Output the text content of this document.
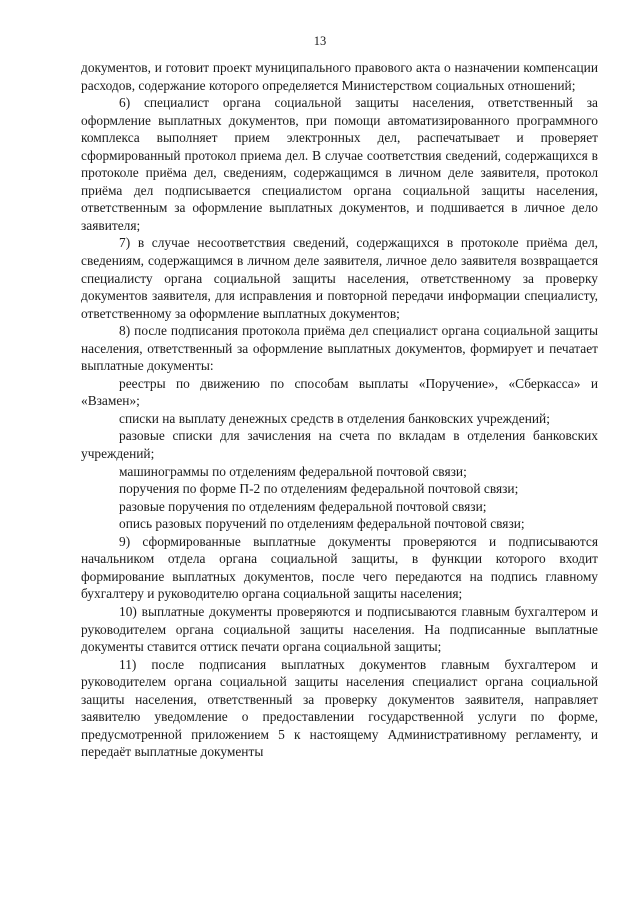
13

документов, и готовит проект муниципального правового акта о назначении компенсации расходов, содержание которого определяется Министерством социальных отношений;

6) специалист органа социальной защиты населения, ответственный за оформление выплатных документов, при помощи автоматизированного программного комплекса выполняет прием электронных дел, распечатывает и проверяет сформированный протокол приема дел. В случае соответствия сведений, содержащихся в протоколе приёма дел, сведениям, содержащимся в личном деле заявителя, протокол приёма дел подписывается специалистом органа социальной защиты населения, ответственным за оформление выплатных документов, и подшивается в личное дело заявителя;

7) в случае несоответствия сведений, содержащихся в протоколе приёма дел, сведениям, содержащимся в личном деле заявителя, личное дело заявителя возвращается специалисту органа социальной защиты населения, ответственному за проверку документов заявителя, для исправления и повторной передачи информации специалисту, ответственному за оформление выплатных документов;

8) после подписания протокола приёма дел специалист органа социальной защиты населения, ответственный за оформление выплатных документов, формирует и печатает выплатные документы:

реестры по движению по способам выплаты «Поручение», «Сберкасса» и «Взамен»;

списки на выплату денежных средств в отделения банковских учреждений;

разовые списки для зачисления на счета по вкладам в отделения банковских учреждений;

машинограммы по отделениям федеральной почтовой связи;

поручения по форме П-2 по отделениям федеральной почтовой связи;

разовые поручения по отделениям федеральной почтовой связи;

опись разовых поручений по отделениям федеральной почтовой связи;

9) сформированные выплатные документы проверяются и подписываются начальником отдела органа социальной защиты, в функции которого входит формирование выплатных документов, после чего передаются на подпись главному бухгалтеру и руководителю органа социальной защиты населения;

10) выплатные документы проверяются и подписываются главным бухгалтером и руководителем органа социальной защиты населения. На подписанные выплатные документы ставится оттиск печати органа социальной защиты;

11) после подписания выплатных документов главным бухгалтером и руководителем органа социальной защиты населения специалист органа социальной защиты населения, ответственный за проверку документов заявителя, направляет заявителю уведомление о предоставлении государственной услуги по форме, предусмотренной приложением 5 к настоящему Административному регламенту, и передаёт выплатные документы
